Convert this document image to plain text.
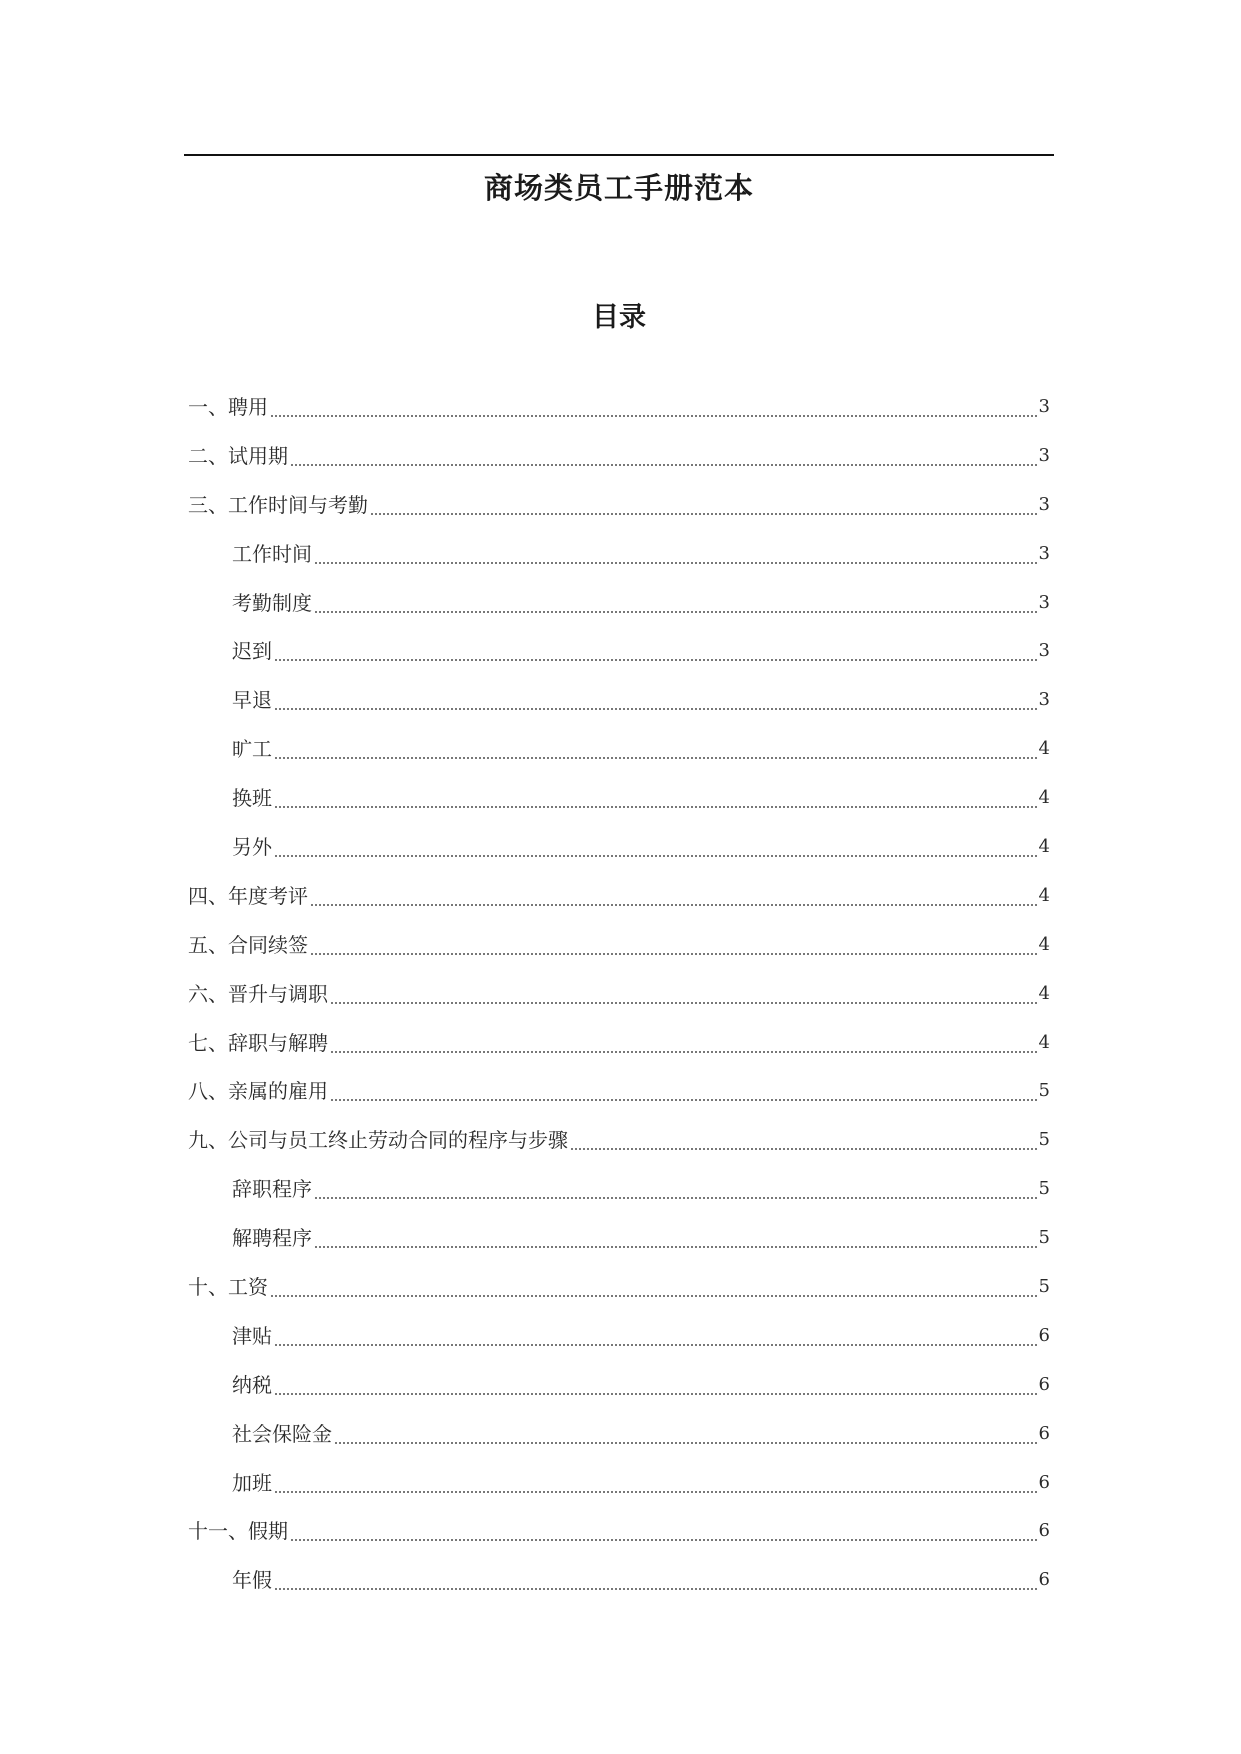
商场类员工手册范本
目录
一、聘用	3
二、试用期	3
三、工作时间与考勤	3
工作时间	3
考勤制度	3
迟到	3
早退	3
旷工	4
换班	4
另外	4
四、年度考评	4
五、合同续签	4
六、晋升与调职	4
七、辞职与解聘	4
八、亲属的雇用	5
九、公司与员工终止劳动合同的程序与步骤	5
辞职程序	5
解聘程序	5
十、工资	5
津贴	6
纳税	6
社会保险金	6
加班	6
十一、假期	6
年假	6
